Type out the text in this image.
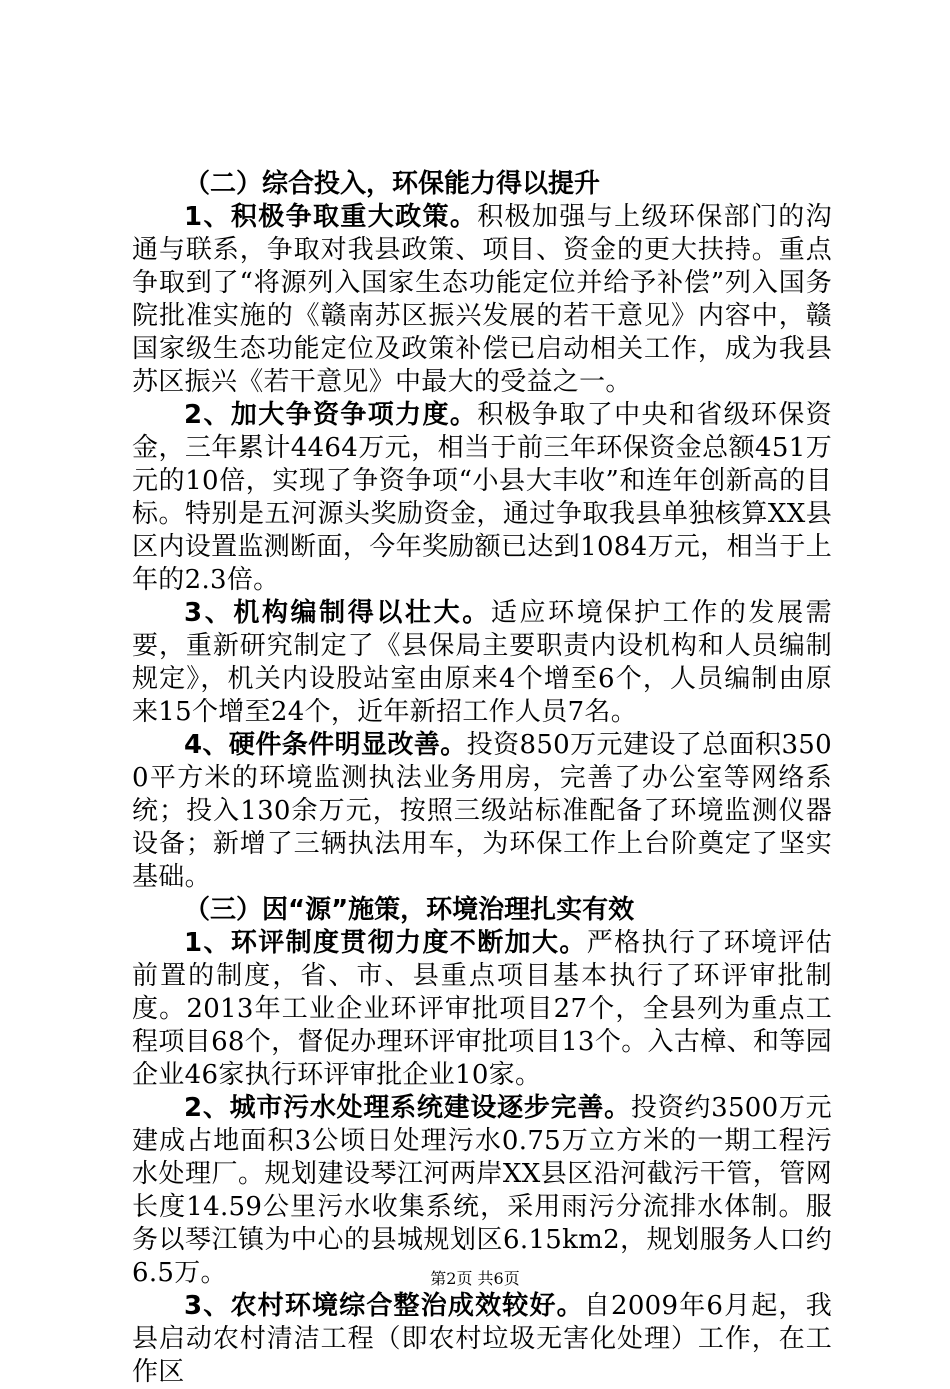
（二）综合投入，环保能力得以提升

1、积极争取重大政策。积极加强与上级环保部门的沟通与联系，争取对我县政策、项目、资金的更大扶持。重点争取到了“将源列入国家生态功能定位并给予补偿”列入国务院批准实施的《赣南苏区振兴发展的若干意见》内容中，赣国家级生态功能定位及政策补偿已启动相关工作，成为我县苏区振兴《若干意见》中最大的受益之一。

2、加大争资争项力度。积极争取了中央和省级环保资金，三年累计4464万元，相当于前三年环保资金总额451万元的10倍，实现了争资争项“小县大丰收”和连年创新高的目标。特别是五河源头奖励资金，通过争取我县单独核算XX县区内设置监测断面，今年奖励额已达到1084万元，相当于上年的2.3倍。

3、机构编制得以壮大。适应环境保护工作的发展需要，重新研究制定了《县保局主要职责内设机构和人员编制规定》，机关内设股站室由原来4个增至6个，人员编制由原来15个增至24个，近年新招工作人员7名。

4、硬件条件明显改善。投资850万元建设了总面积3500平方米的环境监测执法业务用房，完善了办公室等网络系统；投入130余万元，按照三级站标准配备了环境监测仪器设备；新增了三辆执法用车，为环保工作上台阶奠定了坚实基础。

（三）因“源”施策，环境治理扎实有效

1、环评制度贯彻力度不断加大。严格执行了环境评估前置的制度，省、市、县重点项目基本执行了环评审批制度。2013年工业企业环评审批项目27个，全县列为重点工程项目68个，督促办理环评审批项目13个。入古樟、和等园企业46家执行环评审批企业10家。

2、城市污水处理系统建设逐步完善。投资约3500万元建成占地面积3公顷日处理污水0.75万立方米的一期工程污水处理厂。规划建设琴江河两岸XX县区沿河截污干管，管网长度14.59公里污水收集系统，采用雨污分流排水体制。服务以琴江镇为中心的县城规划区6.15km2，规划服务人口约6.5万。

3、农村环境综合整治成效较好。自2009年6月起，我县启动农村清洁工程（即农村垃圾无害化处理）工作，在工作区

第2页 共6页
